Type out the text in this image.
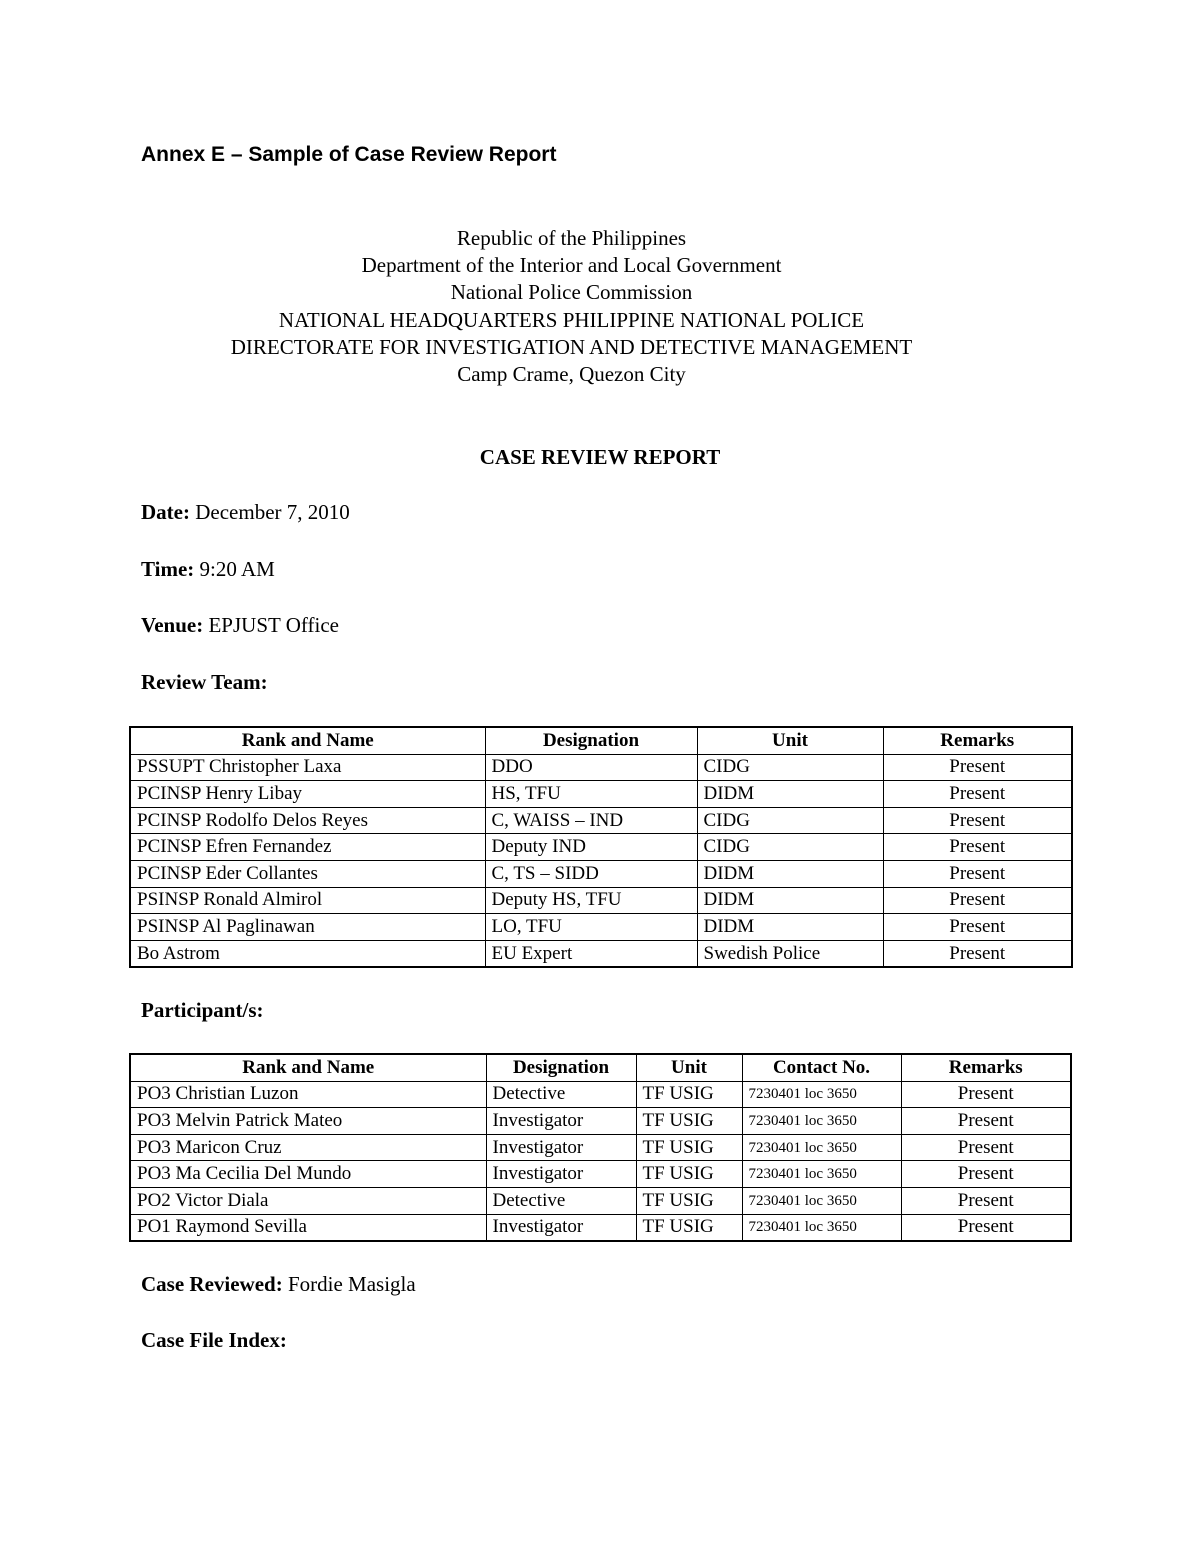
Annex E – Sample of Case Review Report
Republic of the Philippines
Department of the Interior and Local Government
National Police Commission
NATIONAL HEADQUARTERS PHILIPPINE NATIONAL POLICE
DIRECTORATE FOR INVESTIGATION AND DETECTIVE MANAGEMENT
Camp Crame, Quezon City
CASE REVIEW REPORT

Date: December 7, 2010

Time: 9:20 AM

Venue: EPJUST Office

Review Team:

Rank and Name	Designation	Unit	Remarks
PSSUPT Christopher Laxa	DDO	CIDG	Present
PCINSP Henry Libay	HS, TFU	DIDM	Present
PCINSP Rodolfo Delos Reyes	C, WAISS – IND	CIDG	Present
PCINSP Efren Fernandez	Deputy IND	CIDG	Present
PCINSP Eder Collantes	C, TS – SIDD	DIDM	Present
PSINSP Ronald Almirol	Deputy HS, TFU	DIDM	Present
PSINSP Al Paglinawan	LO, TFU	DIDM	Present
Bo Astrom	EU Expert	Swedish Police	Present

Participant/s:

Rank and Name	Designation	Unit	Contact No.	Remarks
PO3 Christian Luzon	Detective	TF USIG	7230401 loc 3650	Present
PO3 Melvin Patrick Mateo	Investigator	TF USIG	7230401 loc 3650	Present
PO3 Maricon Cruz	Investigator	TF USIG	7230401 loc 3650	Present
PO3 Ma Cecilia Del Mundo	Investigator	TF USIG	7230401 loc 3650	Present
PO2 Victor Diala	Detective	TF USIG	7230401 loc 3650	Present
PO1 Raymond Sevilla	Investigator	TF USIG	7230401 loc 3650	Present

Case Reviewed: Fordie Masigla

Case File Index:
